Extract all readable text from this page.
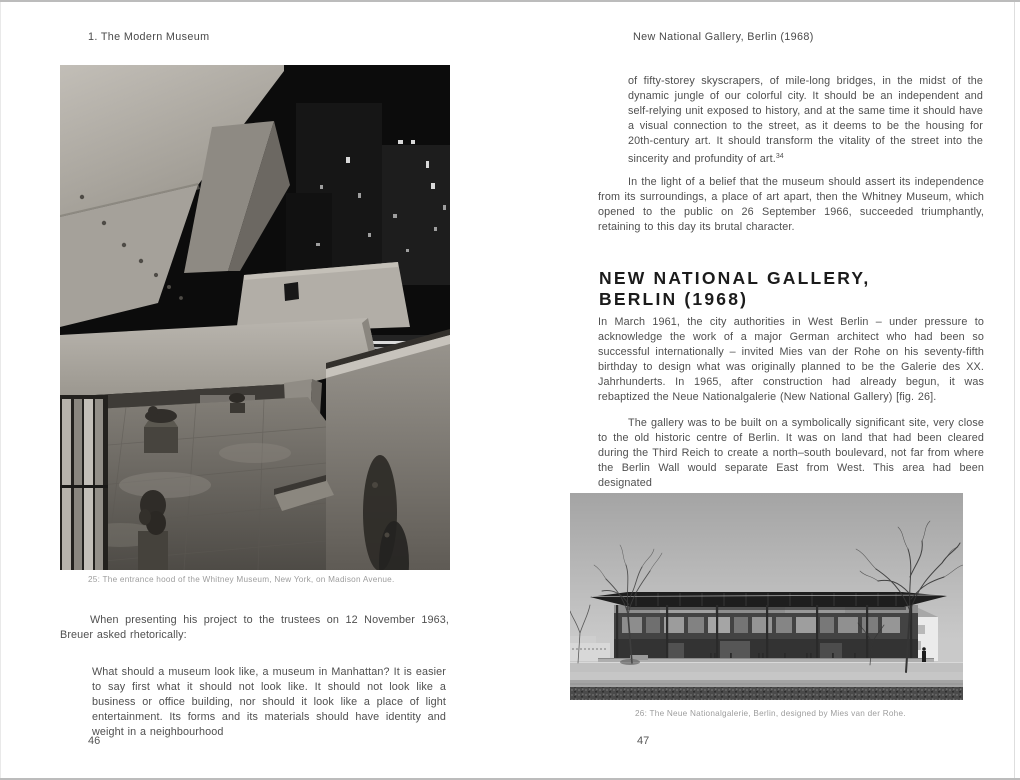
1. The Modern Museum
25: The entrance hood of the Whitney Museum, New York, on Madison Avenue.

When presenting his project to the trustees on 12 November 1963, Breuer asked rhetorically:

What should a museum look like, a museum in Manhattan? It is easier to say first what it should not look like. It should not look like a business or office building, nor should it look like a place of light entertainment. Its forms and its materials should have identity and weight in a neighbourhood

46
New National Gallery, Berlin (1968)

of fifty-storey skyscrapers, of mile-long bridges, in the midst of the dynamic jungle of our colorful city. It should be an independent and self-relying unit exposed to history, and at the same time it should have a visual connection to the street, as it deems to be the housing for 20th-century art. It should transform the vitality of the street into the sincerity and profundity of art.$^{34}$

In the light of a belief that the museum should assert its independence from its surroundings, a place of art apart, then the Whitney Museum, which opened to the public on 26 September 1966, succeeded triumphantly, retaining to this day its brutal character.

NEW NATIONAL GALLERY, BERLIN (1968)

In March 1961, the city authorities in West Berlin – under pressure to acknowledge the work of a major German architect who had been so successful internationally – invited Mies van der Rohe on his seventy-fifth birthday to design what was originally planned to be the Galerie des XX. Jahrhunderts. In 1965, after construction had already begun, it was rebaptized the Neue Nationalgalerie (New National Gallery) [fig. 26].

The gallery was to be built on a symbolically significant site, very close to the old historic centre of Berlin. It was on land that had been cleared during the Third Reich to create a north–south boulevard, not far from where the Berlin Wall would separate East from West. This area had been designated

26: The Neue Nationalgalerie, Berlin, designed by Mies van der Rohe.
47
